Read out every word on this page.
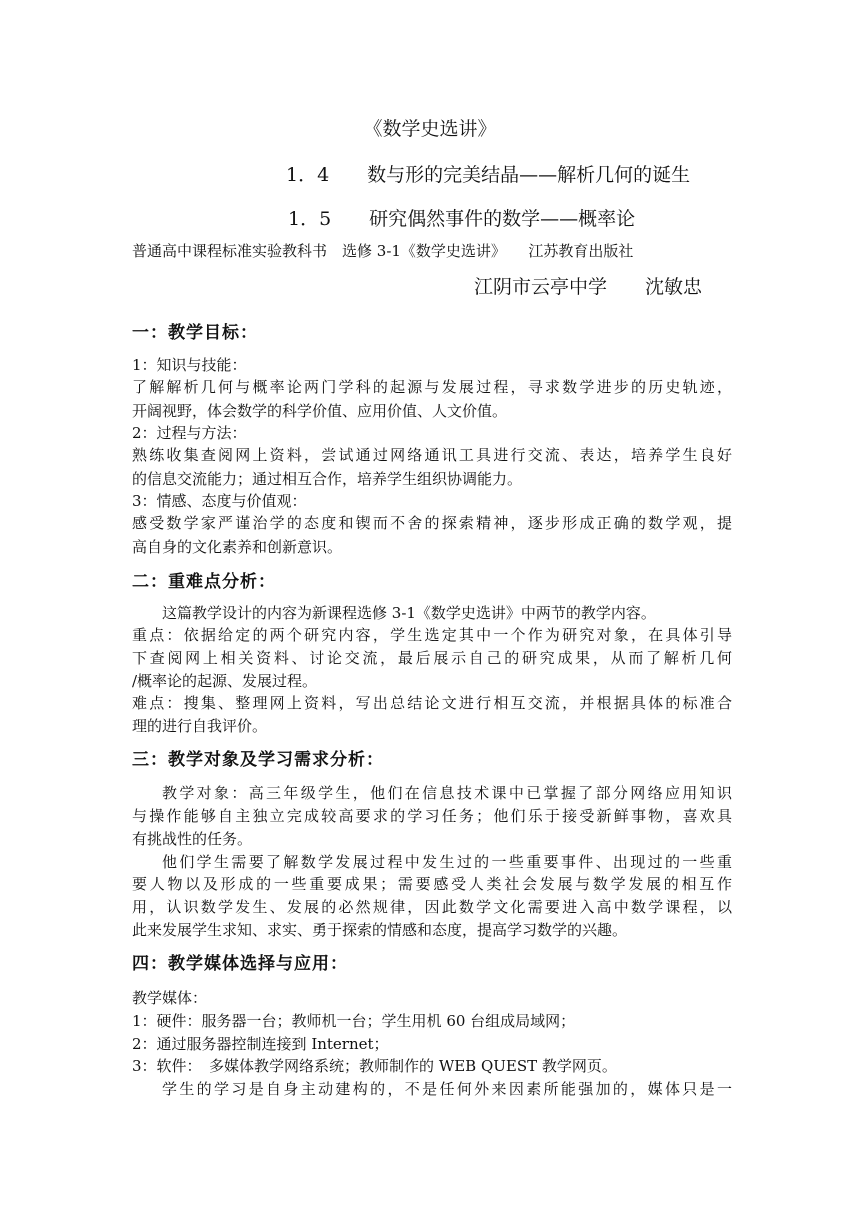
《数学史选讲》
1．4　　数与形的完美结晶——解析几何的诞生
1．5　　研究偶然事件的数学——概率论
普通高中课程标准实验教科书　选修 3-1《数学史选讲》　　江苏教育出版社
江阴市云亭中学　　沈敏忠
一：教学目标：
1：知识与技能：
了解解析几何与概率论两门学科的起源与发展过程，寻求数学进步的历史轨迹，
开阔视野，体会数学的科学价值、应用价值、人文价值。
2：过程与方法：
熟练收集查阅网上资料，尝试通过网络通讯工具进行交流、表达，培养学生良好
的信息交流能力；通过相互合作，培养学生组织协调能力。
3：情感、态度与价值观：
感受数学家严谨治学的态度和锲而不舍的探索精神，逐步形成正确的数学观，提
高自身的文化素养和创新意识。
二：重难点分析：
这篇教学设计的内容为新课程选修 3-1《数学史选讲》中两节的教学内容。
重点：依据给定的两个研究内容，学生选定其中一个作为研究对象，在具体引导
下查阅网上相关资料、讨论交流，最后展示自己的研究成果，从而了解析几何
/概率论的起源、发展过程。
难点：搜集、整理网上资料，写出总结论文进行相互交流，并根据具体的标准合
理的进行自我评价。
三：教学对象及学习需求分析：
教学对象：高三年级学生，他们在信息技术课中已掌握了部分网络应用知识
与操作能够自主独立完成较高要求的学习任务；他们乐于接受新鲜事物，喜欢具
有挑战性的任务。
他们学生需要了解数学发展过程中发生过的一些重要事件、出现过的一些重
要人物以及形成的一些重要成果；需要感受人类社会发展与数学发展的相互作
用，认识数学发生、发展的必然规律，因此数学文化需要进入高中数学课程，以
此来发展学生求知、求实、勇于探索的情感和态度，提高学习数学的兴趣。
四：教学媒体选择与应用：
教学媒体：
1：硬件：服务器一台；教师机一台；学生用机 60 台组成局域网；
2：通过服务器控制连接到 Internet；
3：软件：　多媒体教学网络系统；教师制作的 WEB QUEST 教学网页。
学生的学习是自身主动建构的，不是任何外来因素所能强加的，媒体只是一
